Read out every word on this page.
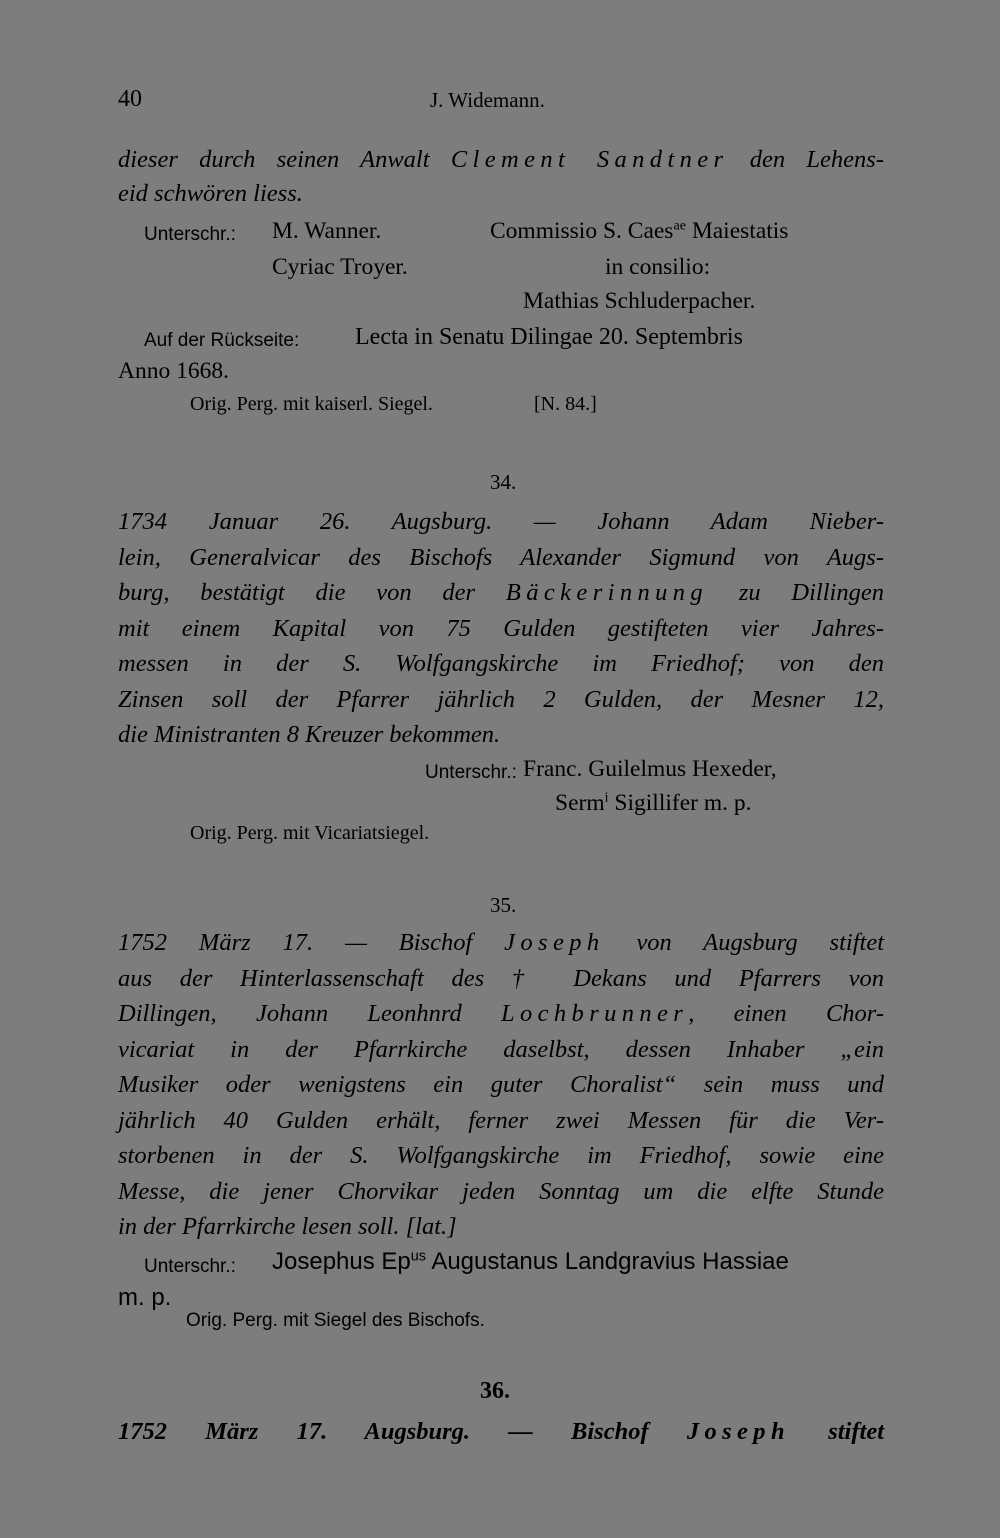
40	J. Widemann.
dieser durch seinen Anwalt Clement Sandtner den Lehens-
eid schwören liess.
Unterschr.: M. Wanner.	Commissio S. Caes$^{ae}$ Maiestatis
Cyriac Troyer.	in consilio:
Mathias Schluderpacher.
Auf der Rückseite: Lecta in Senatu Dilingae 20. Septembris
Anno 1668.
Orig. Perg. mit kaiserl. Siegel.	[N. 84.]
34.
1734 Januar 26. Augsburg. — Johann Adam Nieber-
lein, Generalvicar des Bischofs Alexander Sigmund von Augs-
burg, bestätigt die von der Bäckerinnung zu Dillingen
mit einem Kapital von 75 Gulden gestifteten vier Jahres-
messen in der S. Wolfgangskirche im Friedhof; von den
Zinsen soll der Pfarrer jährlich 2 Gulden, der Mesner 12,
die Ministranten 8 Kreuzer bekommen.
Unterschr.: Franc. Guilelmus Hexeder,
Serm$^i$ Sigillifer m. p.
Orig. Perg. mit Vicariatsiegel.
35.
1752 März 17. — Bischof Joseph von Augsburg stiftet
aus der Hinterlassenschaft des † Dekans und Pfarrers von
Dillingen, Johann Leonhnrd Lochbrunner, einen Chor-
vicariat in der Pfarrkirche daselbst, dessen Inhaber „ein
Musiker oder wenigstens ein guter Choralist“ sein muss und
jährlich 40 Gulden erhält, ferner zwei Messen für die Ver-
storbenen in der S. Wolfgangskirche im Friedhof, sowie eine
Messe, die jener Chorvikar jeden Sonntag um die elfte Stunde
in der Pfarrkirche lesen soll. [lat.]
Unterschr.: Josephus $Ep^{us}$ Augustanus Landgravius Hassiae
m. p.
Orig. Perg. mit Siegel des Bischofs.
36.
1752 März 17. Augsburg. — Bischof Joseph stiftet
